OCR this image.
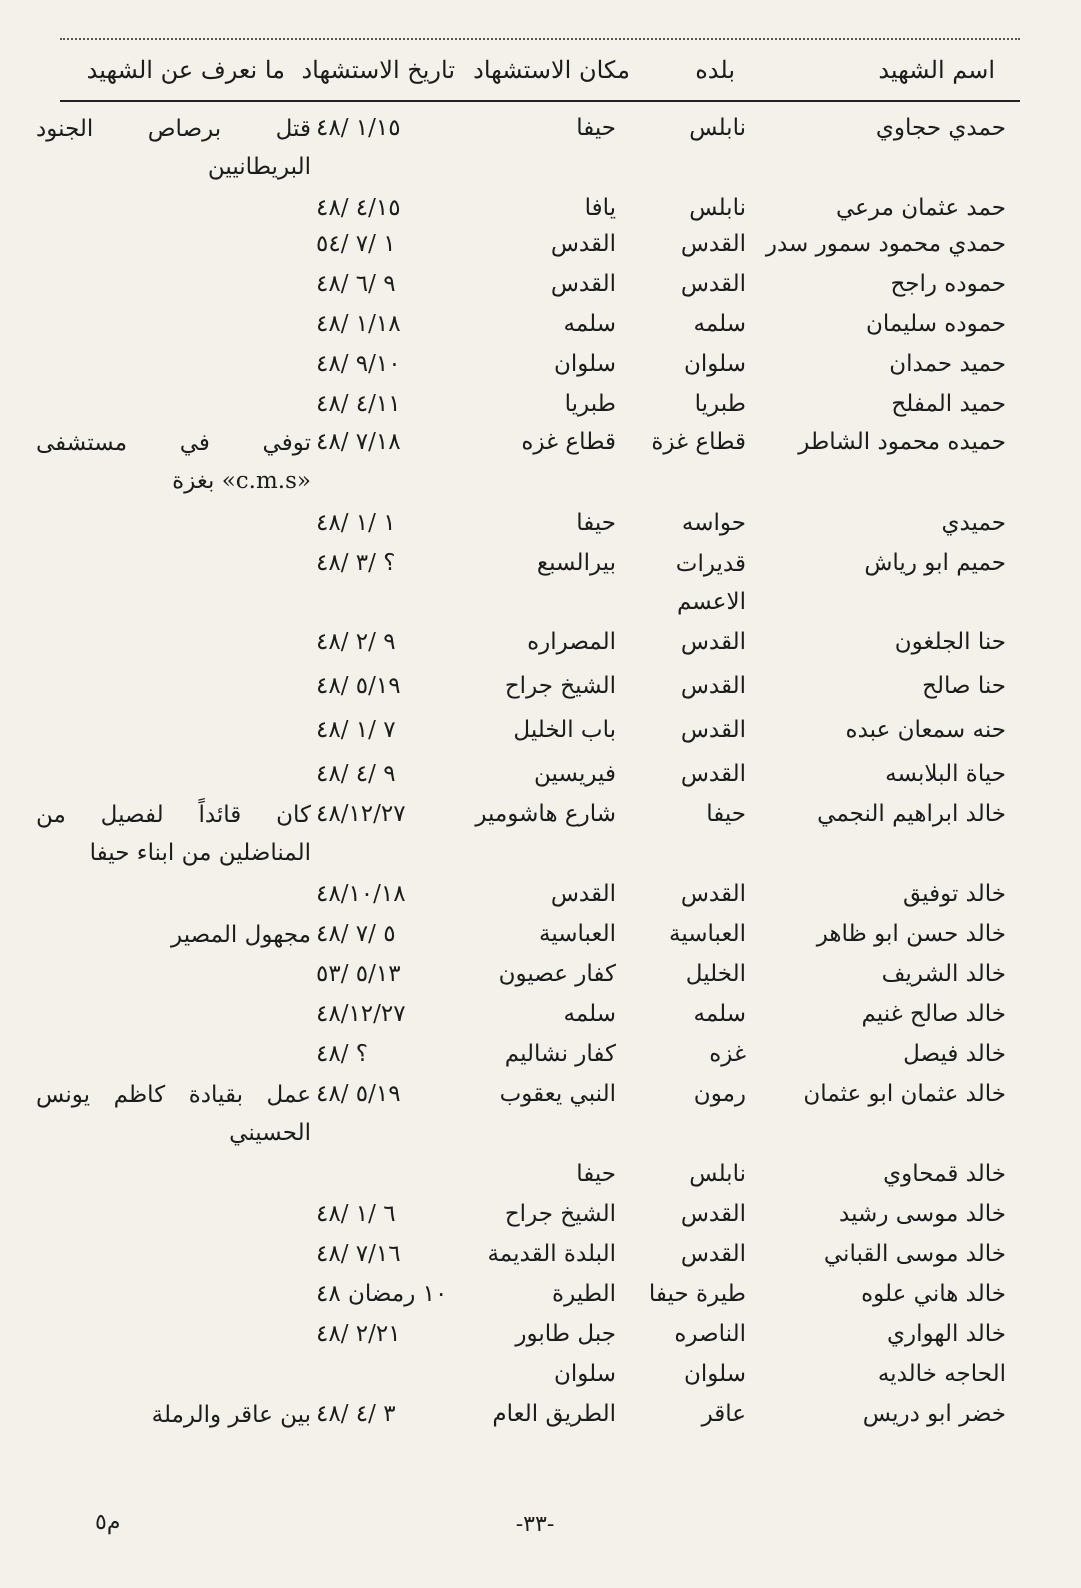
اسم الشهيد
بلده
مكان الاستشهاد
تاريخ الاستشهاد
ما نعرف عن الشهيد
حمدي حجاوي
نابلس
حيفا
١/١٥ /٤٨
قتل برصاص الجنود البريطانيين
حمد عثمان مرعي
نابلس
يافا
٤/١٥ /٤٨
حمدي محمود سمور سدر
القدس
القدس
١ /٧ /٥٤
حموده راجح
القدس
القدس
٩ /٦ /٤٨
حموده سليمان
سلمه
سلمه
١/١٨ /٤٨
حميد حمدان
سلوان
سلوان
٩/١٠ /٤٨
حميد المفلح
طبريا
طبريا
٤/١١ /٤٨
حميده محمود الشاطر
قطاع غزة
قطاع غزه
٧/١٨ /٤٨
توفي في مستشفى «c.m.s» بغزة
حميدي
حواسه
حيفا
١ /١ /٤٨
حميم ابو رياش
قديرات الاعسم
بيرالسبع
؟ /٣ /٤٨
حنا الجلغون
القدس
المصراره
٩ /٢ /٤٨
حنا صالح
القدس
الشيخ جراح
٥/١٩ /٤٨
حنه سمعان عبده
القدس
باب الخليل
٧ /١ /٤٨
حياة البلابسه
القدس
فيريسين
٩ /٤ /٤٨
خالد ابراهيم النجمي
حيفا
شارع هاشومير
٤٨/١٢/٢٧
كان قائداً لفصيل من المناضلين من ابناء حيفا
خالد توفيق
القدس
القدس
٤٨/١٠/١٨
خالد حسن ابو ظاهر
العباسية
العباسية
٥ /٧ /٤٨
مجهول المصير
خالد الشريف
الخليل
كفار عصيون
٥/١٣ /٥٣
خالد صالح غنيم
سلمه
سلمه
٤٨/١٢/٢٧
خالد فيصل
غزه
كفار نشاليم
؟ /٤٨
خالد عثمان ابو عثمان
رمون
النبي يعقوب
٥/١٩ /٤٨
عمل بقيادة كاظم يونس الحسيني
خالد قمحاوي
نابلس
حيفا
خالد موسى رشيد
القدس
الشيخ جراح
٦ /١ /٤٨
خالد موسى القباني
القدس
البلدة القديمة
٧/١٦ /٤٨
خالد هاني علوه
طيرة حيفا
الطيرة
١٠ رمضان ٤٨
خالد الهواري
الناصره
جبل طابور
٢/٢١ /٤٨
الحاجه خالديه
سلوان
سلوان
خضر ابو دريس
عاقر
الطريق العام
٣ /٤ /٤٨
بين عاقر والرملة
-٣٣-
م٥
